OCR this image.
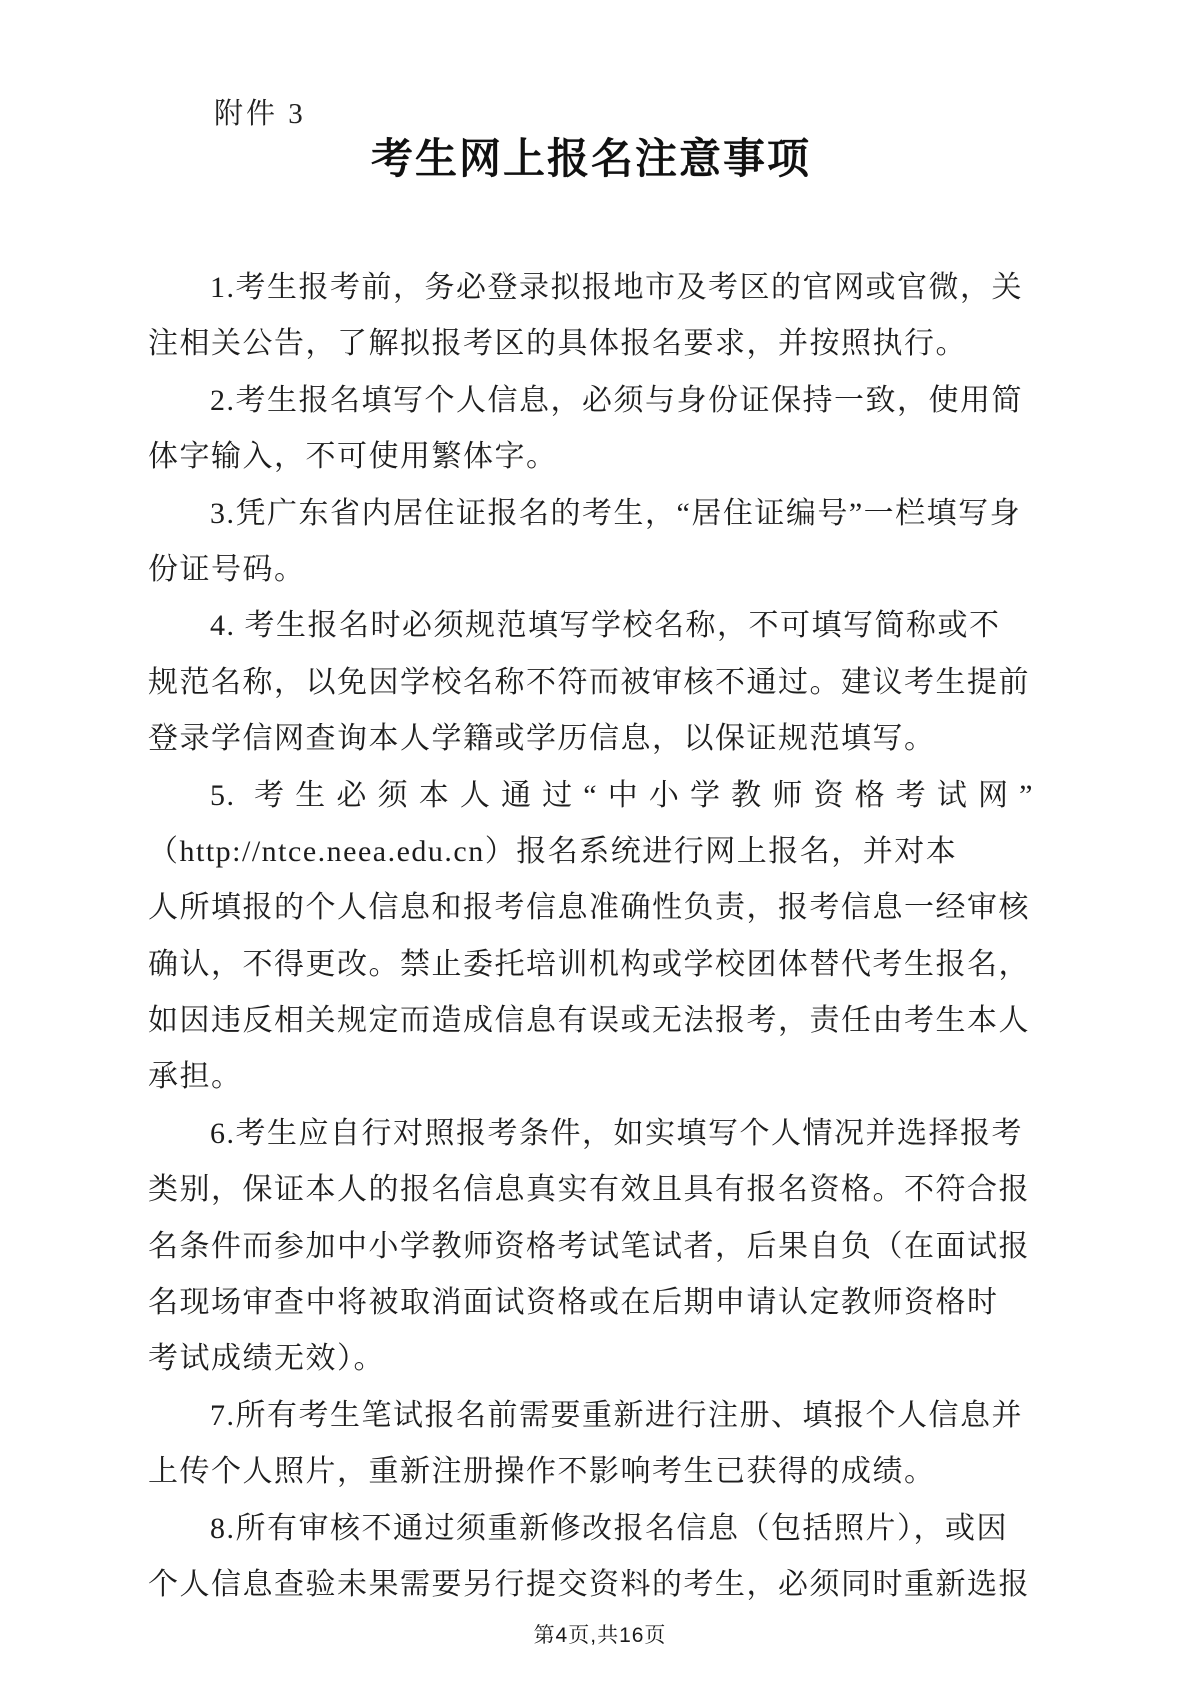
附件 3
考生网上报名注意事项
1.考生报考前，务必登录拟报地市及考区的官网或官微，关
注相关公告，了解拟报考区的具体报名要求，并按照执行。
2.考生报名填写个人信息，必须与身份证保持一致，使用简
体字输入，不可使用繁体字。
3.凭广东省内居住证报名的考生，“居住证编号”一栏填写身
份证号码。
4. 考生报名时必须规范填写学校名称，不可填写简称或不
规范名称，以免因学校名称不符而被审核不通过。建议考生提前
登录学信网查询本人学籍或学历信息，以保证规范填写。
5. 考生必须本人通过“中小学教师资格考试网”
（http://ntce.neea.edu.cn）报名系统进行网上报名，并对本
人所填报的个人信息和报考信息准确性负责，报考信息一经审核
确认，不得更改。禁止委托培训机构或学校团体替代考生报名，
如因违反相关规定而造成信息有误或无法报考，责任由考生本人
承担。
6.考生应自行对照报考条件，如实填写个人情况并选择报考
类别，保证本人的报名信息真实有效且具有报名资格。不符合报
名条件而参加中小学教师资格考试笔试者，后果自负（在面试报
名现场审查中将被取消面试资格或在后期申请认定教师资格时
考试成绩无效）。
7.所有考生笔试报名前需要重新进行注册、填报个人信息并
上传个人照片，重新注册操作不影响考生已获得的成绩。
8.所有审核不通过须重新修改报名信息（包括照片），或因
个人信息查验未果需要另行提交资料的考生，必须同时重新选报
第4页,共16页
